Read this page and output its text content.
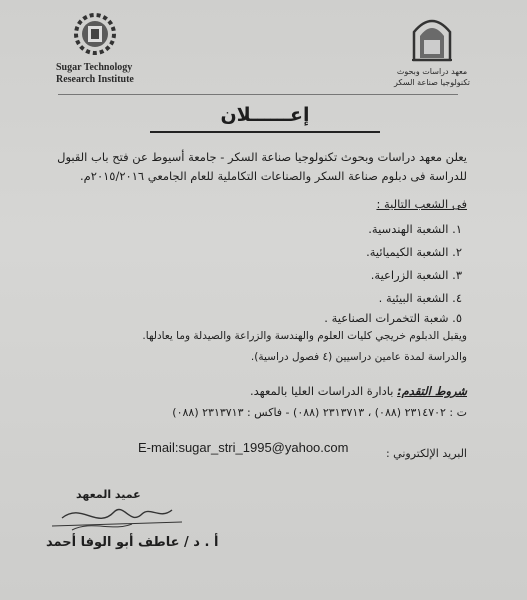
Sugar Technology
Research Institute
معهد دراسات وبحوث
تكنولوجيا صناعة السكر
إعــــــلان
يعلن معهد دراسات وبحوث تكنولوجيا صناعة السكر - جامعة أسيوط عن فتح باب القبول للدراسة فى دبلوم صناعة السكر والصناعات التكاملية للعام الجامعي ٢٠١٥/٢٠١٦م.
فى الشعب التالية :
١. الشعبة الهندسية.
٢. الشعبة الكيميائية.
٣. الشعبة الزراعية.
٤. الشعبة البيئية .
٥. شعبة التخمرات الصناعية .
ويقبل الدبلوم خريجي كليات العلوم والهندسة والزراعة والصيدلة وما يعادلها.
والدراسة لمدة عامين دراسيين (٤ فصول دراسية).
شروط التقدم: بادارة الدراسات العليا بالمعهد.
ت : ٢٣١٤٧٠٢ (٠٨٨) ، ٢٣١٣٧١٣ (٠٨٨) - فاكس : ٢٣١٣٧١٣ (٠٨٨)
البريد الإلكتروني :
E-mail:sugar_stri_1995@yahoo.com
عميد المعهد
أ . د / عاطف أبو الوفا أحمد
